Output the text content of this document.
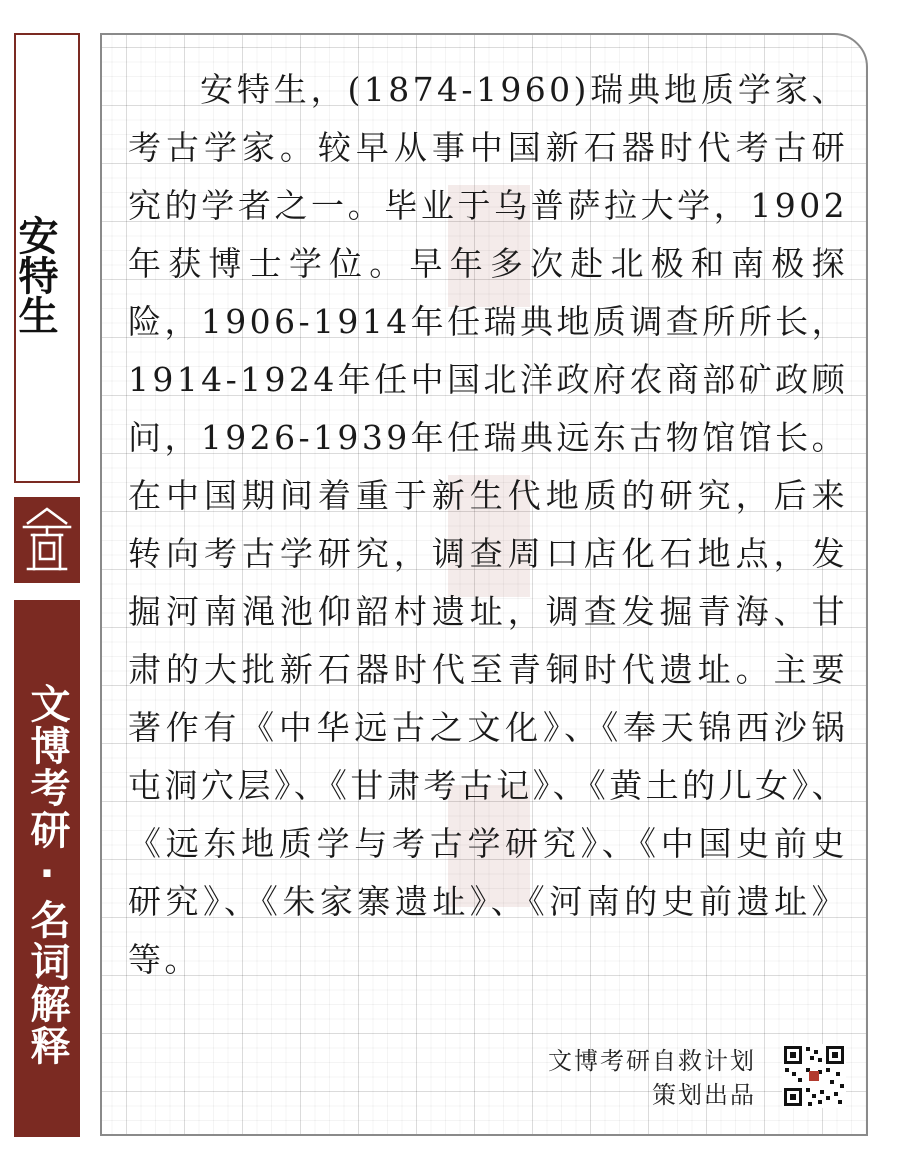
安特生
文博考研·名词解释

安特生，(1874-1960)瑞典地质学家、考古学家。较早从事中国新石器时代考古研究的学者之一。毕业于乌普萨拉大学，1902年获博士学位。早年多次赴北极和南极探险，1906-1914年任瑞典地质调查所所长，1914-1924年任中国北洋政府农商部矿政顾问，1926-1939年任瑞典远东古物馆馆长。在中国期间着重于新生代地质的研究，后来转向考古学研究，调查周口店化石地点，发掘河南渑池仰韶村遗址，调查发掘青海、甘肃的大批新石器时代至青铜时代遗址。主要著作有《中华远古之文化》、《奉天锦西沙锅屯洞穴层》、《甘肃考古记》、《黄土的儿女》、《远东地质学与考古学研究》、《中国史前史研究》、《朱家寨遗址》、《河南的史前遗址》等。

文博考研自救计划
策划出品
